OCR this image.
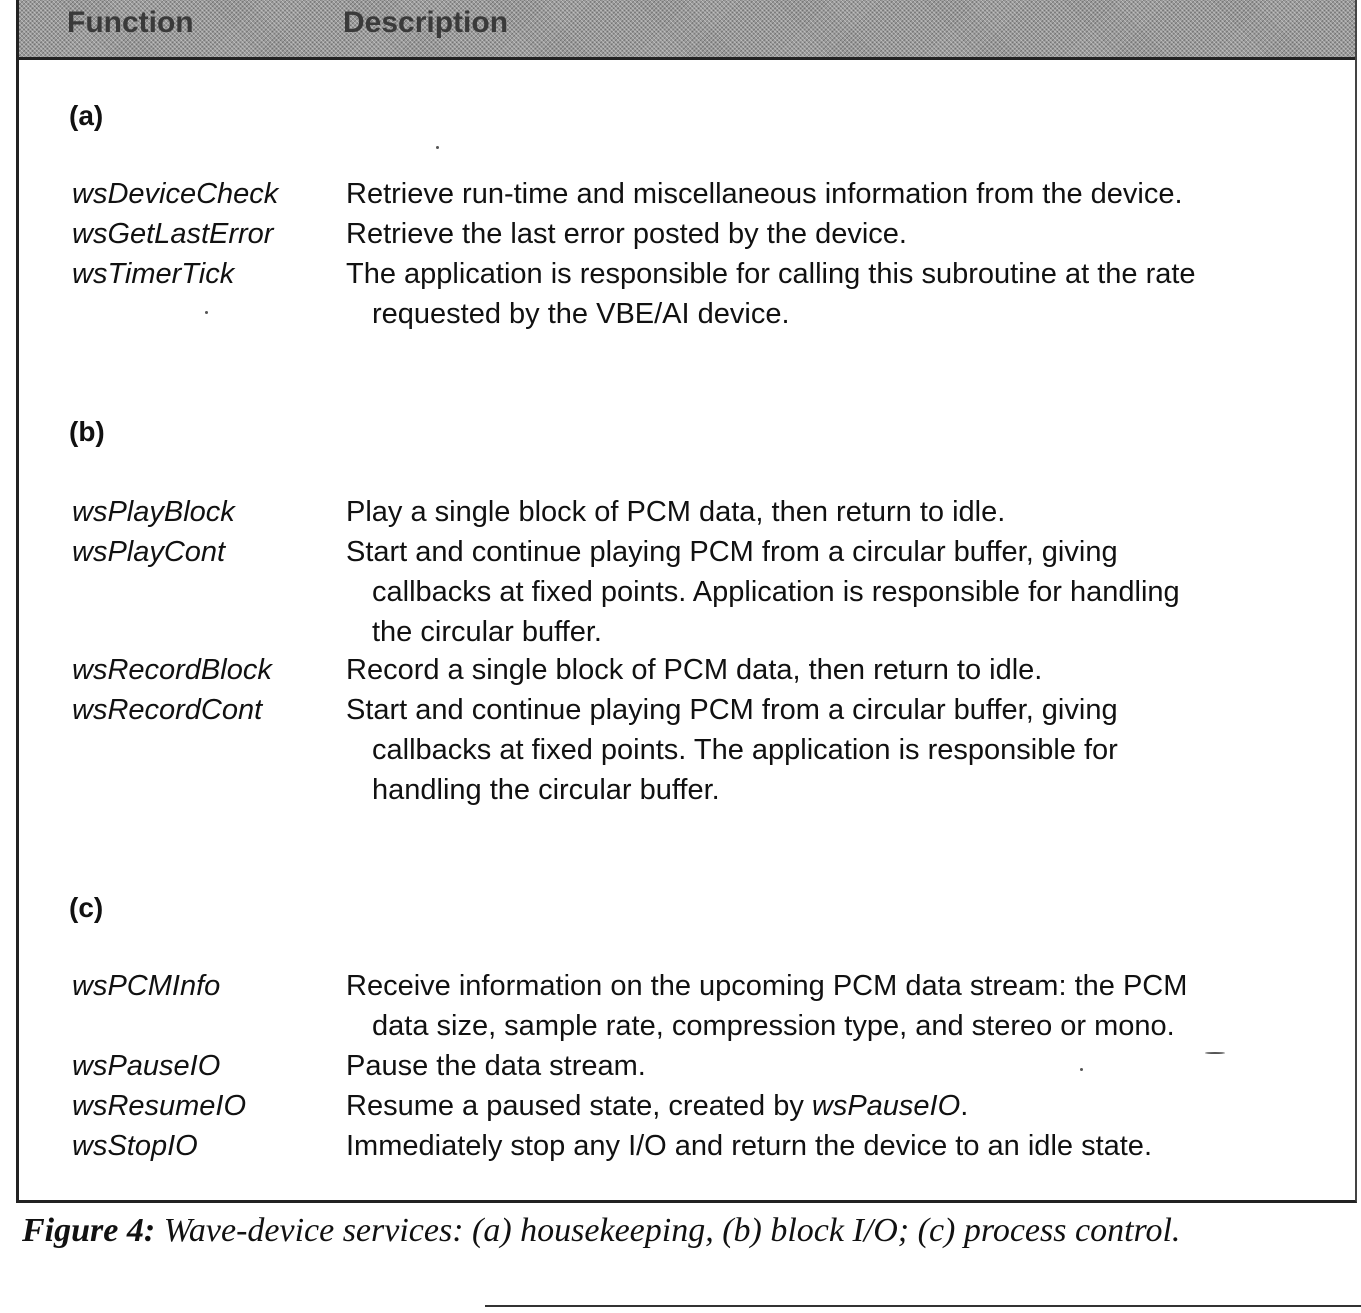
Function	Description
(a)
wsDeviceCheck Retrieve run-time and miscellaneous information from the device.
wsGetLastError	Retrieve the last error posted by the device.
wsTimerTick	The application is responsible for calling this subroutine at the rate
requested by the VBE/AI device.
(b)
wsPlayBlock	Play a single block of PCM data, then return to idle.
wsPlayCont	Start and continue playing PCM from a circular buffer, giving
callbacks at fixed points. Application is responsible for handling
the circular buffer.
wsRecordBlock	Record a single block of PCM data, then return to idle.
wsRecordCont	Start and continue playing PCM from a circular buffer, giving
callbacks at fixed points. The application is responsible for
handling the circular buffer.
(c)
wsPCMInfo	Receive information on the upcoming PCM data stream: the PCM
data size, sample rate, compression type, and stereo or mono.
wsPauseIO	Pause the data stream.
wsResumeIO	Resume a paused state, created by wsPauseIO.
wsStopIO	Immediately stop any I/O and return the device to an idle state.
Figure 4: Wave-device services: (a) housekeeping, (b) block I/O; (c) process control.
